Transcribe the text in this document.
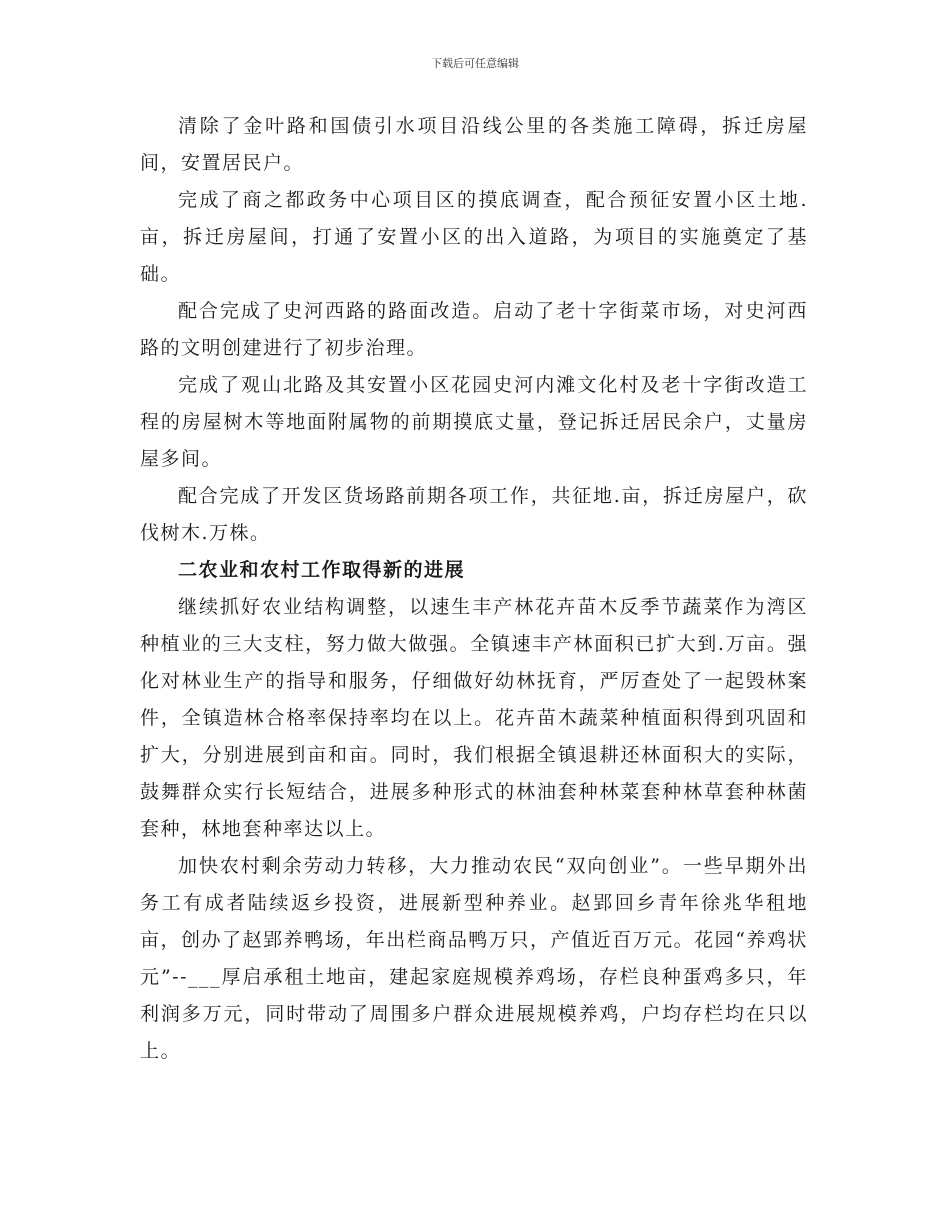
下载后可任意编辑

清除了金叶路和国债引水项目沿线公里的各类施工障碍，拆迁房屋间，安置居民户。

完成了商之都政务中心项目区的摸底调查，配合预征安置小区土地.亩，拆迁房屋间，打通了安置小区的出入道路，为项目的实施奠定了基础。

配合完成了史河西路的路面改造。启动了老十字街菜市场，对史河西路的文明创建进行了初步治理。

完成了观山北路及其安置小区花园史河内滩文化村及老十字街改造工程的房屋树木等地面附属物的前期摸底丈量，登记拆迁居民余户，丈量房屋多间。

配合完成了开发区货场路前期各项工作，共征地.亩，拆迁房屋户，砍伐树木.万株。

二农业和农村工作取得新的进展

继续抓好农业结构调整，以速生丰产林花卉苗木反季节蔬菜作为湾区种植业的三大支柱，努力做大做强。全镇速丰产林面积已扩大到.万亩。强化对林业生产的指导和服务，仔细做好幼林抚育，严厉查处了一起毁林案件，全镇造林合格率保持率均在以上。花卉苗木蔬菜种植面积得到巩固和扩大，分别进展到亩和亩。同时，我们根据全镇退耕还林面积大的实际，鼓舞群众实行长短结合，进展多种形式的林油套种林菜套种林草套种林菌套种，林地套种率达以上。

加快农村剩余劳动力转移，大力推动农民“双向创业”。一些早期外出务工有成者陆续返乡投资，进展新型种养业。赵郢回乡青年徐兆华租地亩，创办了赵郢养鸭场，年出栏商品鸭万只，产值近百万元。花园“养鸡状元”--___厚启承租土地亩，建起家庭规模养鸡场，存栏良种蛋鸡多只，年利润多万元，同时带动了周围多户群众进展规模养鸡，户均存栏均在只以上。
